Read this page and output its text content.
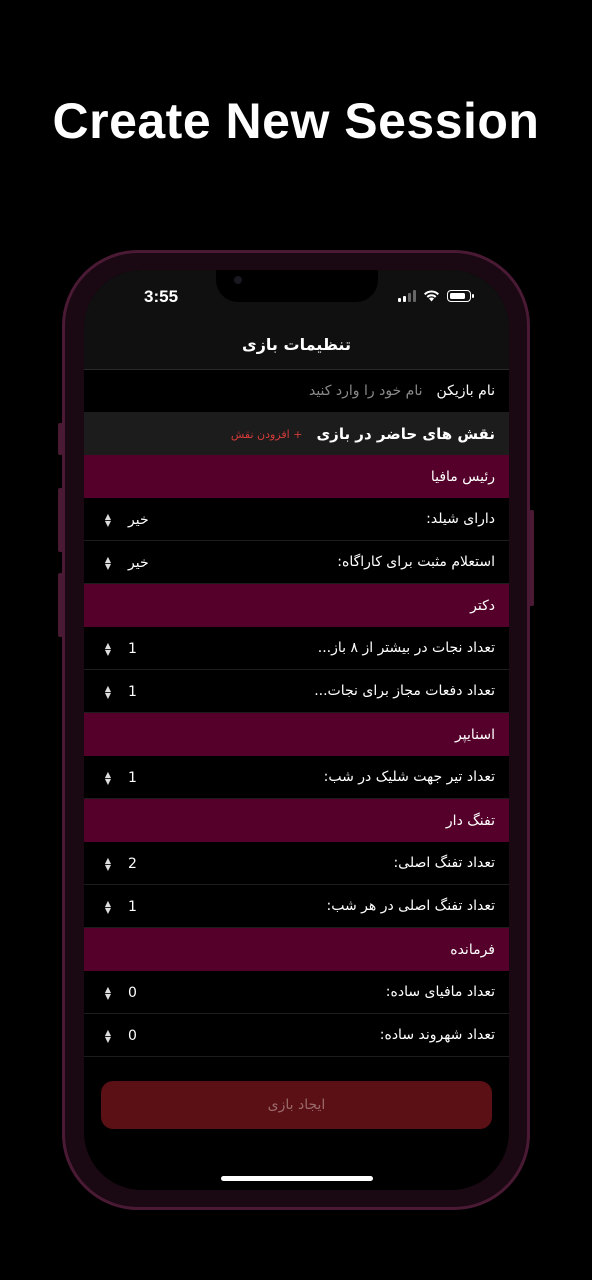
Create New Session
3:55
تنظیمات بازی
نام بازیکن
نام خود را وارد کنید
نقش های حاضر در بازی
+ افزودن نقش
رئیس مافیا
دارای شیلد:
▲
▼ خیر
استعلام مثبت برای کاراگاه:
▲
▼ خیر
دکتر
تعداد نجات در بیشتر از ۸ باز...
▲
▼ 1
تعداد دفعات مجاز برای نجات...
▲
▼ 1
اسنایپر
تعداد تیر جهت شلیک در شب:
▲
▼ 1
تفنگ دار
تعداد تفنگ اصلی:
▲
▼ 2
تعداد تفنگ اصلی در هر شب:
▲
▼ 1
فرمانده
تعداد مافیای ساده:
▲
▼ 0
تعداد شهروند ساده:
▲
▼ 0
ایجاد بازی
